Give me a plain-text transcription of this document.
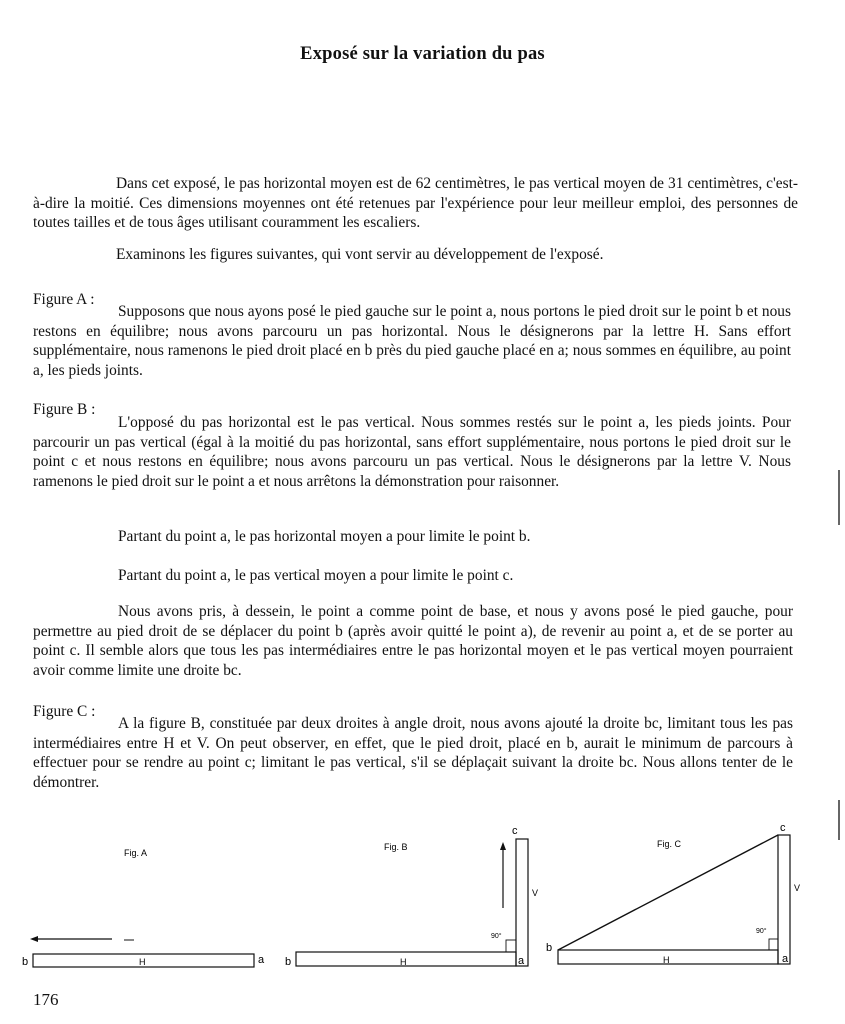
Exposé sur la variation du pas

Dans cet exposé, le pas horizontal moyen est de 62 centimètres, le pas vertical moyen de 31 centimètres, c'est-à-dire la moitié. Ces dimensions moyennes ont été retenues par l'expérience pour leur meilleur emploi, des personnes de toutes tailles et de tous âges utilisant couramment les escaliers.

Examinons les figures suivantes, qui vont servir au développement de l'exposé.

Figure A :

Supposons que nous ayons posé le pied gauche sur le point a, nous portons le pied droit sur le point b et nous restons en équilibre; nous avons parcouru un pas horizontal. Nous le désignerons par la lettre H. Sans effort supplémentaire, nous ramenons le pied droit placé en b près du pied gauche placé en a; nous sommes en équilibre, au point a, les pieds joints.

Figure B :

L'opposé du pas horizontal est le pas vertical. Nous sommes restés sur le point a, les pieds joints. Pour parcourir un pas vertical (égal à la moitié du pas horizontal, sans effort supplémentaire, nous portons le pied droit sur le point c et nous restons en équilibre; nous avons parcouru un pas vertical. Nous le désignerons par la lettre V. Nous ramenons le pied droit sur le point a et nous arrêtons la démonstration pour raisonner.

Partant du point a, le pas horizontal moyen a pour limite le point b.

Partant du point a, le pas vertical moyen a pour limite le point c.

Nous avons pris, à dessein, le point a comme point de base, et nous y avons posé le pied gauche, pour permettre au pied droit de se déplacer du point b (après avoir quitté le point a), de revenir au point a, et de se porter au point c. Il semble alors que tous les pas intermédiaires entre le pas horizontal moyen et le pas vertical moyen pourraient avoir comme limite une droite bc.

Figure C :

A la figure B, constituée par deux droites à angle droit, nous avons ajouté la droite bc, limitant tous les pas intermédiaires entre H et V. On peut observer, en effet, que le pied droit, placé en b, aurait le minimum de parcours à effectuer pour se rendre au point c; limitant le pas vertical, s'il se déplaçait suivant la droite bc. Nous allons tenter de le démontrer.

Fig. A
b	H	a
Fig. B
90°
c
V
b	H	a
Fig. C
90°
c
V
b
H	a
176
